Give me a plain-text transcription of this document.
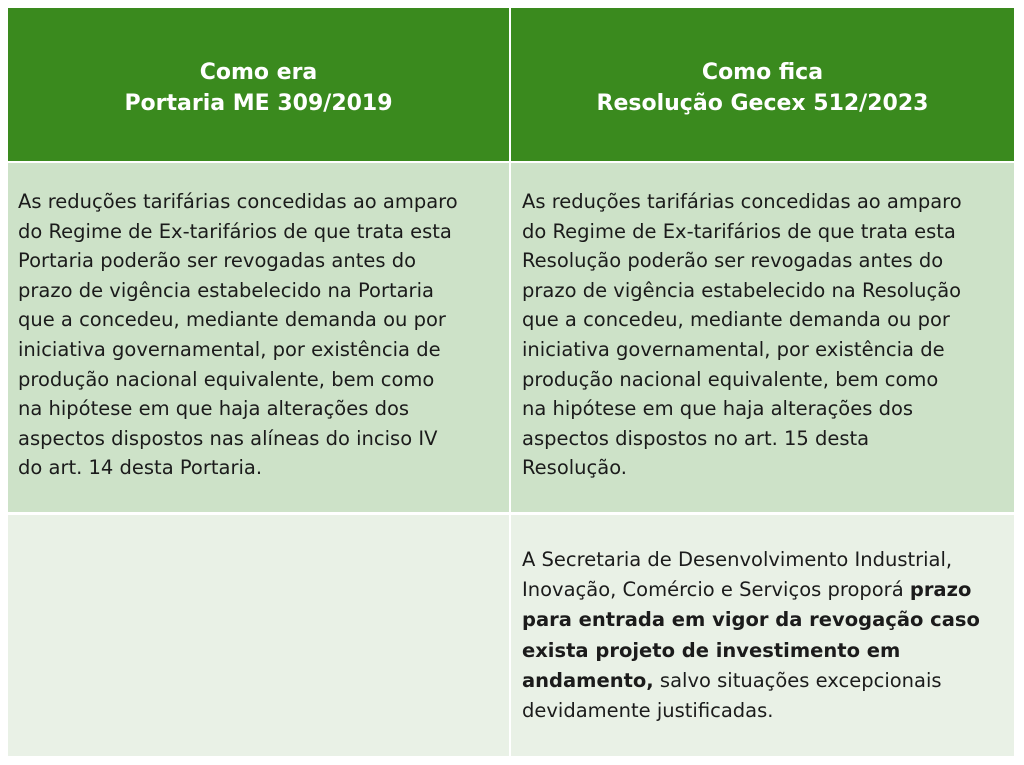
Como era
Portaria ME 309/2019
Como fica
Resolução Gecex 512/2023
As reduções tarifárias concedidas ao amparo
do Regime de Ex-tarifários de que trata esta
Portaria poderão ser revogadas antes do
prazo de vigência estabelecido na Portaria
que a concedeu, mediante demanda ou por
iniciativa governamental, por existência de
produção nacional equivalente, bem como
na hipótese em que haja alterações dos
aspectos dispostos nas alíneas do inciso IV
do art. 14 desta Portaria.
As reduções tarifárias concedidas ao amparo
do Regime de Ex-tarifários de que trata esta
Resolução poderão ser revogadas antes do
prazo de vigência estabelecido na Resolução
que a concedeu, mediante demanda ou por
iniciativa governamental, por existência de
produção nacional equivalente, bem como
na hipótese em que haja alterações dos
aspectos dispostos no art. 15 desta
Resolução.
A Secretaria de Desenvolvimento Industrial,
Inovação, Comércio e Serviços proporá prazo
para entrada em vigor da revogação caso
exista projeto de investimento em
andamento, salvo situações excepcionais
devidamente justificadas.
